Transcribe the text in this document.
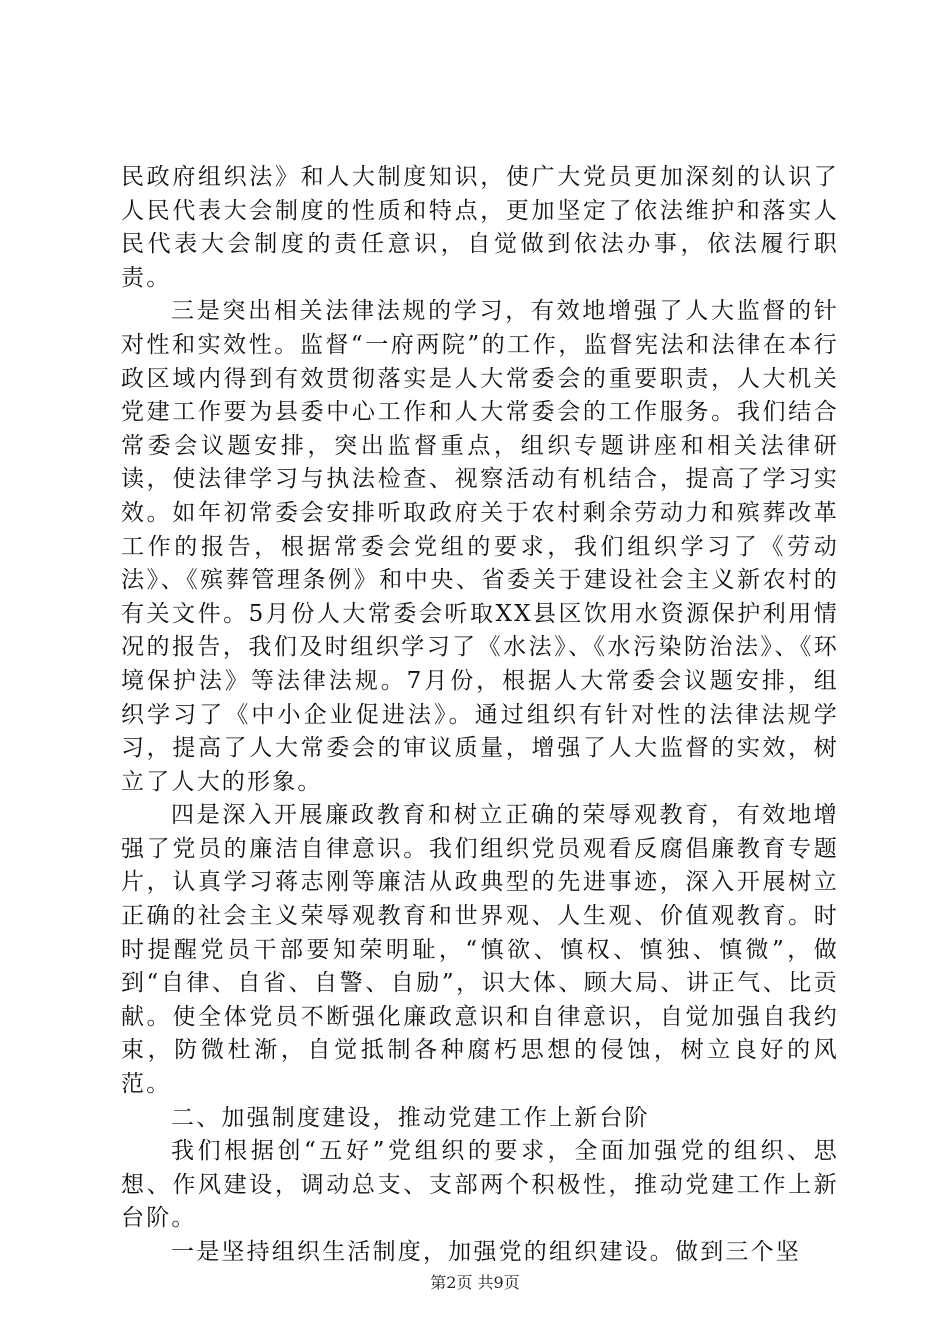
民政府组织法》和人大制度知识，使广大党员更加深刻的认识了人民代表大会制度的性质和特点，更加坚定了依法维护和落实人民代表大会制度的责任意识，自觉做到依法办事，依法履行职责。

三是突出相关法律法规的学习，有效地增强了人大监督的针对性和实效性。监督“一府两院”的工作，监督宪法和法律在本行政区域内得到有效贯彻落实是人大常委会的重要职责，人大机关党建工作要为县委中心工作和人大常委会的工作服务。我们结合常委会议题安排，突出监督重点，组织专题讲座和相关法律研读，使法律学习与执法检查、视察活动有机结合，提高了学习实效。如年初常委会安排听取政府关于农村剩余劳动力和殡葬改革工作的报告，根据常委会党组的要求，我们组织学习了《劳动法》、《殡葬管理条例》和中央、省委关于建设社会主义新农村的有关文件。5月份人大常委会听取XX县区饮用水资源保护利用情况的报告，我们及时组织学习了《水法》、《水污染防治法》、《环境保护法》等法律法规。7月份，根据人大常委会议题安排，组织学习了《中小企业促进法》。通过组织有针对性的法律法规学习，提高了人大常委会的审议质量，增强了人大监督的实效，树立了人大的形象。

四是深入开展廉政教育和树立正确的荣辱观教育，有效地增强了党员的廉洁自律意识。我们组织党员观看反腐倡廉教育专题片，认真学习蒋志刚等廉洁从政典型的先进事迹，深入开展树立正确的社会主义荣辱观教育和世界观、人生观、价值观教育。时时提醒党员干部要知荣明耻，“慎欲、慎权、慎独、慎微”，做到“自律、自省、自警、自励”，识大体、顾大局、讲正气、比贡献。使全体党员不断强化廉政意识和自律意识，自觉加强自我约束，防微杜渐，自觉抵制各种腐朽思想的侵蚀，树立良好的风范。

二、加强制度建设，推动党建工作上新台阶

我们根据创“五好”党组织的要求，全面加强党的组织、思想、作风建设，调动总支、支部两个积极性，推动党建工作上新台阶。

一是坚持组织生活制度，加强党的组织建设。做到三个坚

第2页 共9页
